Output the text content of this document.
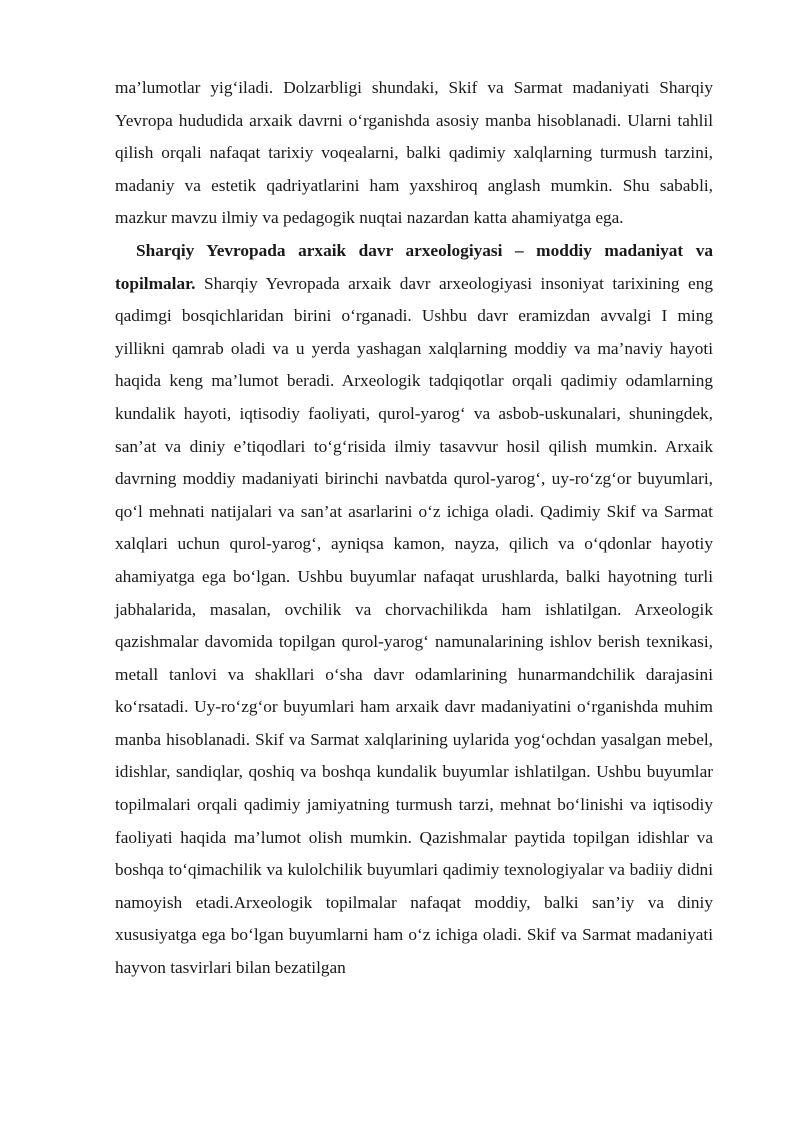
ma’lumotlar yig‘iladi. Dolzarbligi shundaki, Skif va Sarmat madaniyati Sharqiy Yevropa hududida arxaik davrni o‘rganishda asosiy manba hisoblanadi. Ularni tahlil qilish orqali nafaqat tarixiy voqealarni, balki qadimiy xalqlarning turmush tarzini, madaniy va estetik qadriyatlarini ham yaxshiroq anglash mumkin. Shu sababli, mazkur mavzu ilmiy va pedagogik nuqtai nazardan katta ahamiyatga ega.

Sharqiy Yevropada arxaik davr arxeologiyasi – moddiy madaniyat va topilmalar. Sharqiy Yevropada arxaik davr arxeologiyasi insoniyat tarixining eng qadimgi bosqichlaridan birini o‘rganadi. Ushbu davr eramizdan avvalgi I ming yillikni qamrab oladi va u yerda yashagan xalqlarning moddiy va ma’naviy hayoti haqida keng ma’lumot beradi. Arxeologik tadqiqotlar orqali qadimiy odamlarning kundalik hayoti, iqtisodiy faoliyati, qurol-yarog‘ va asbob-uskunalari, shuningdek, san’at va diniy e’tiqodlari to‘g‘risida ilmiy tasavvur hosil qilish mumkin. Arxaik davrning moddiy madaniyati birinchi navbatda qurol-yarog‘, uy-ro‘zg‘or buyumlari, qo‘l mehnati natijalari va san’at asarlarini o‘z ichiga oladi. Qadimiy Skif va Sarmat xalqlari uchun qurol-yarog‘, ayniqsa kamon, nayza, qilich va o‘qdonlar hayotiy ahamiyatga ega bo‘lgan. Ushbu buyumlar nafaqat urushlarda, balki hayotning turli jabhalarida, masalan, ovchilik va chorvachilikda ham ishlatilgan. Arxeologik qazishmalar davomida topilgan qurol-yarog‘ namunalarining ishlov berish texnikasi, metall tanlovi va shakllari o‘sha davr odamlarining hunarmandchilik darajasini ko‘rsatadi. Uy-ro‘zg‘or buyumlari ham arxaik davr madaniyatini o‘rganishda muhim manba hisoblanadi. Skif va Sarmat xalqlarining uylarida yog‘ochdan yasalgan mebel, idishlar, sandiqlar, qoshiq va boshqa kundalik buyumlar ishlatilgan. Ushbu buyumlar topilmalari orqali qadimiy jamiyatning turmush tarzi, mehnat bo‘linishi va iqtisodiy faoliyati haqida ma’lumot olish mumkin. Qazishmalar paytida topilgan idishlar va boshqa to‘qimachilik va kulolchilik buyumlari qadimiy texnologiyalar va badiiy didni namoyish etadi.Arxeologik topilmalar nafaqat moddiy, balki san’iy va diniy xususiyatga ega bo‘lgan buyumlarni ham o‘z ichiga oladi. Skif va Sarmat madaniyati hayvon tasvirlari bilan bezatilgan
